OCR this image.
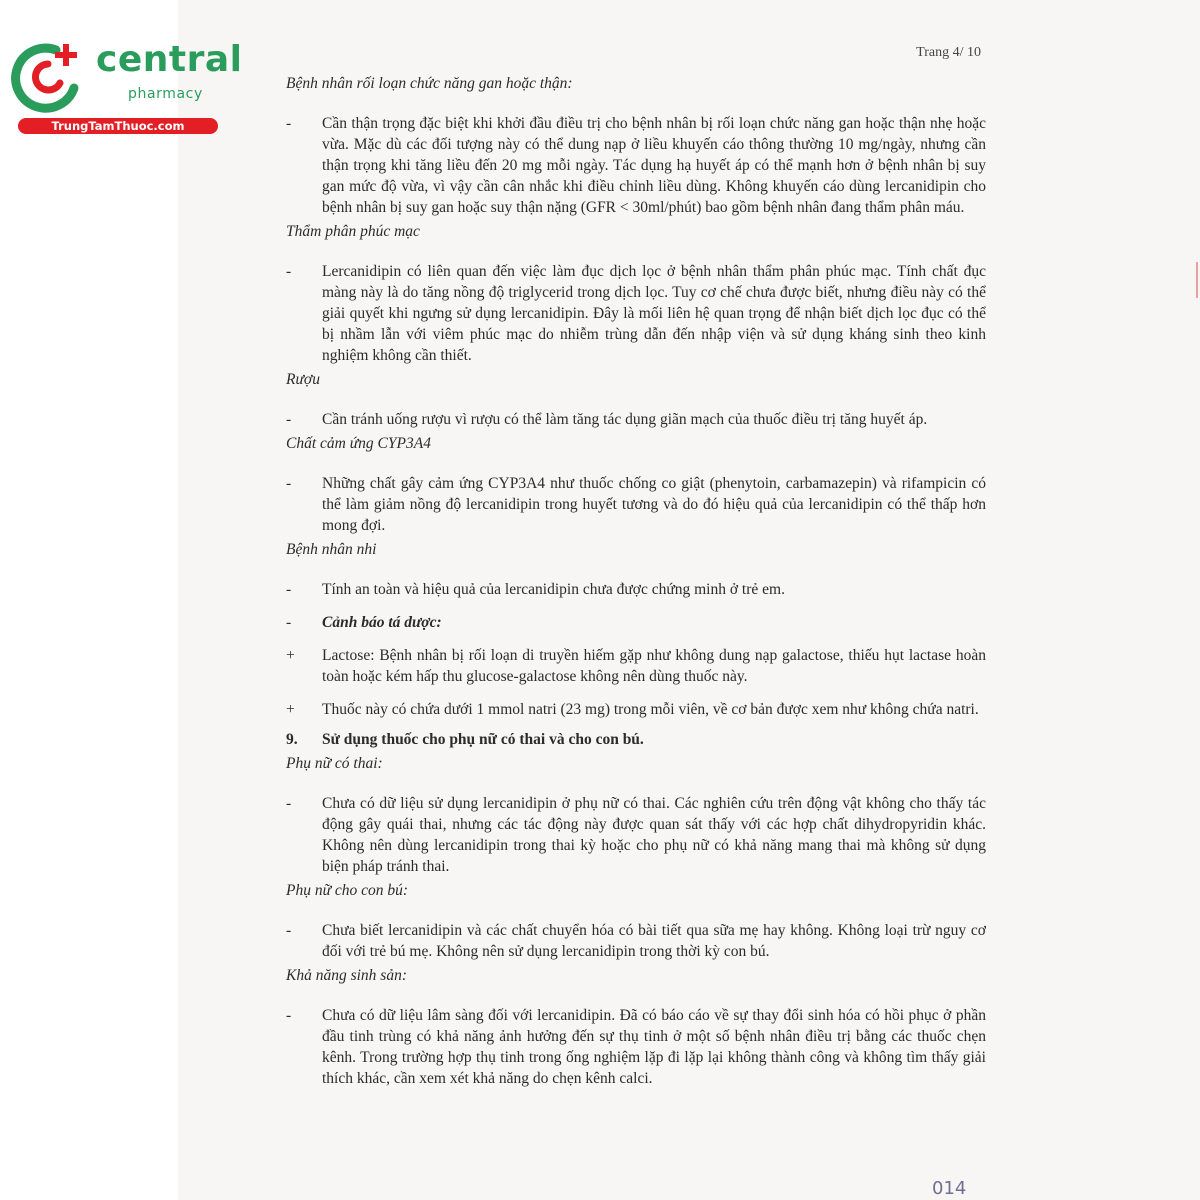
central
pharmacy
TrungTamThuoc.com
Trang 4/ 10

Bệnh nhân rối loạn chức năng gan hoặc thận:

-	Cần thận trọng đặc biệt khi khởi đầu điều trị cho bệnh nhân bị rối loạn chức năng gan hoặc thận nhẹ hoặc vừa. Mặc dù các đối tượng này có thể dung nạp ở liều khuyến cáo thông thường 10 mg/ngày, nhưng cần thận trọng khi tăng liều đến 20 mg mỗi ngày. Tác dụng hạ huyết áp có thể mạnh hơn ở bệnh nhân bị suy gan mức độ vừa, vì vậy cần cân nhắc khi điều chỉnh liều dùng. Không khuyến cáo dùng lercanidipin cho bệnh nhân bị suy gan hoặc suy thận nặng (GFR < 30ml/phút) bao gồm bệnh nhân đang thẩm phân máu.

Thẩm phân phúc mạc

-	Lercanidipin có liên quan đến việc làm đục dịch lọc ở bệnh nhân thẩm phân phúc mạc. Tính chất đục màng này là do tăng nồng độ triglycerid trong dịch lọc. Tuy cơ chế chưa được biết, nhưng điều này có thể giải quyết khi ngưng sử dụng lercanidipin. Đây là mối liên hệ quan trọng để nhận biết dịch lọc đục có thể bị nhầm lẫn với viêm phúc mạc do nhiễm trùng dẫn đến nhập viện và sử dụng kháng sinh theo kinh nghiệm không cần thiết.

Rượu

-	Cần tránh uống rượu vì rượu có thể làm tăng tác dụng giãn mạch của thuốc điều trị tăng huyết áp.

Chất cảm ứng CYP3A4

-	Những chất gây cảm ứng CYP3A4 như thuốc chống co giật (phenytoin, carbamazepin) và rifampicin có thể làm giảm nồng độ lercanidipin trong huyết tương và do đó hiệu quả của lercanidipin có thể thấp hơn mong đợi.

Bệnh nhân nhi

-	Tính an toàn và hiệu quả của lercanidipin chưa được chứng minh ở trẻ em.
-	Cảnh báo tá dược:
+	Lactose: Bệnh nhân bị rối loạn di truyền hiếm gặp như không dung nạp galactose, thiếu hụt lactase hoàn toàn hoặc kém hấp thu glucose-galactose không nên dùng thuốc này.
+	Thuốc này có chứa dưới 1 mmol natri (23 mg) trong mỗi viên, về cơ bản được xem như không chứa natri.
9. Sử dụng thuốc cho phụ nữ có thai và cho con bú.

Phụ nữ có thai:

-	Chưa có dữ liệu sử dụng lercanidipin ở phụ nữ có thai. Các nghiên cứu trên động vật không cho thấy tác động gây quái thai, nhưng các tác động này được quan sát thấy với các hợp chất dihydropyridin khác. Không nên dùng lercanidipin trong thai kỳ hoặc cho phụ nữ có khả năng mang thai mà không sử dụng biện pháp tránh thai.

Phụ nữ cho con bú:

-	Chưa biết lercanidipin và các chất chuyển hóa có bài tiết qua sữa mẹ hay không. Không loại trừ nguy cơ đối với trẻ bú mẹ. Không nên sử dụng lercanidipin trong thời kỳ con bú.

Khả năng sinh sản:

-	Chưa có dữ liệu lâm sàng đối với lercanidipin. Đã có báo cáo về sự thay đổi sinh hóa có hồi phục ở phần đầu tinh trùng có khả năng ảnh hưởng đến sự thụ tinh ở một số bệnh nhân điều trị bằng các thuốc chẹn kênh. Trong trường hợp thụ tinh trong ống nghiệm lặp đi lặp lại không thành công và không tìm thấy giải thích khác, cần xem xét khả năng do chẹn kênh calci.
014
